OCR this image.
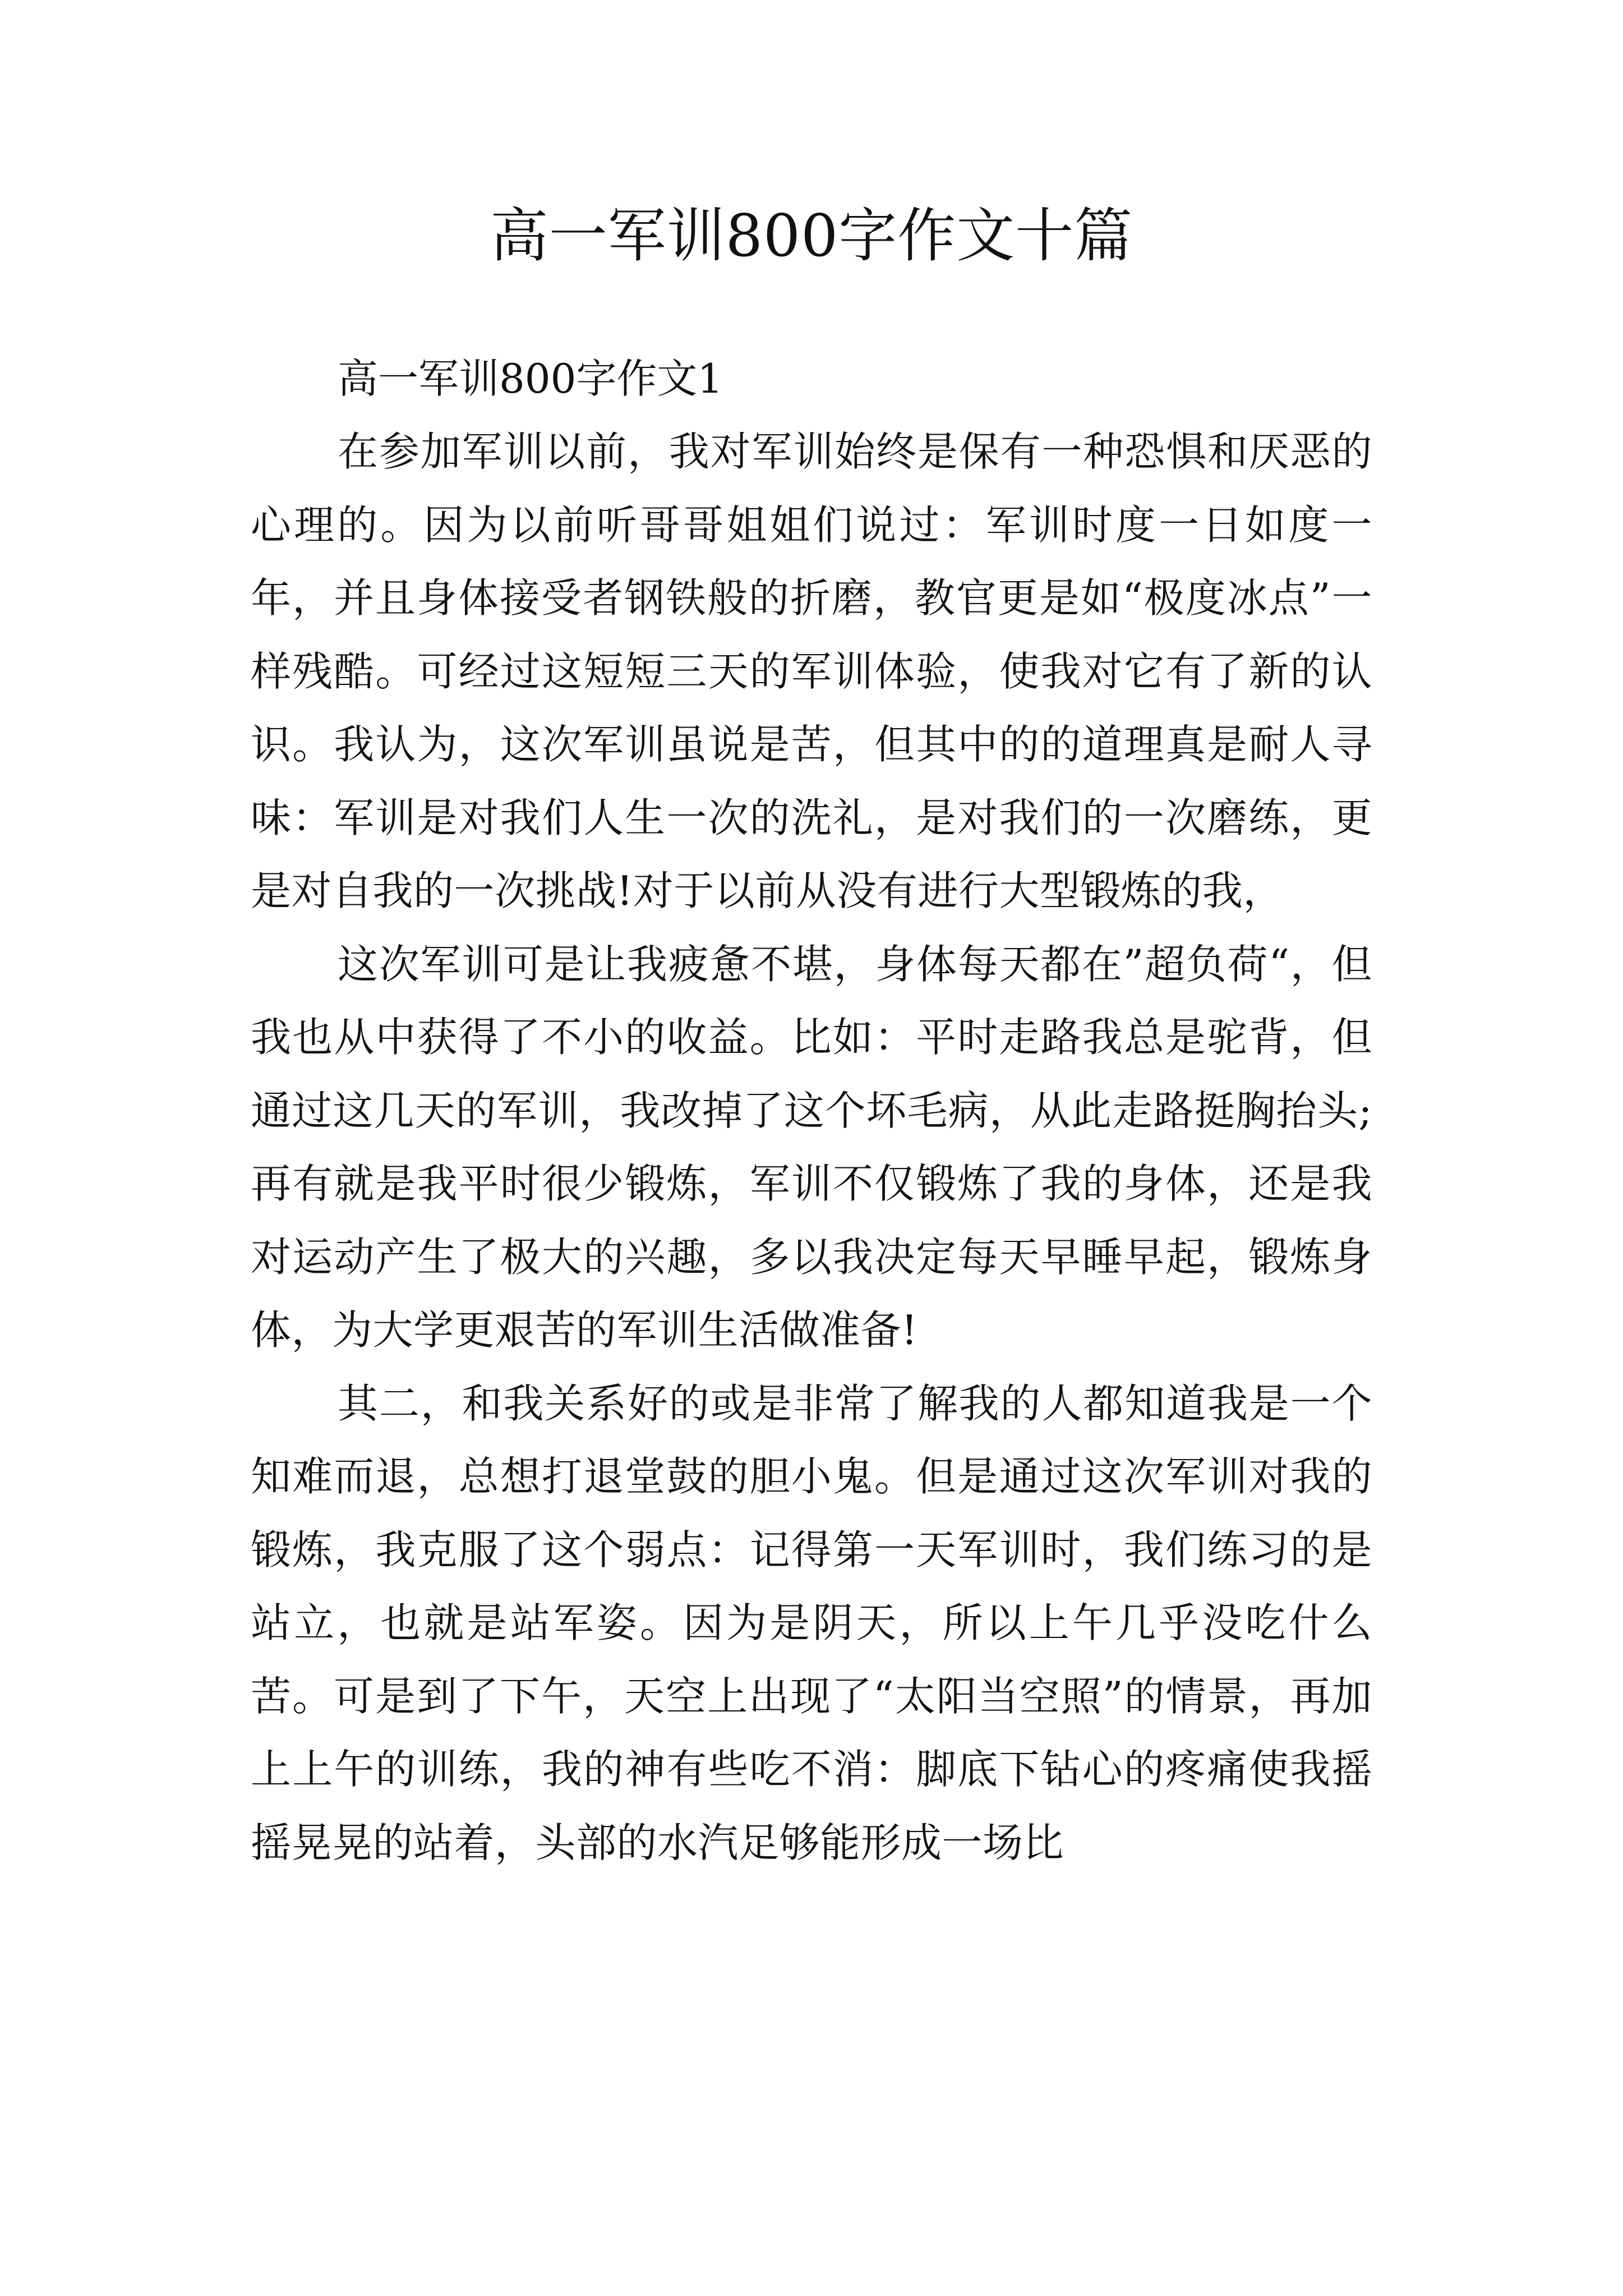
高一军训800字作文十篇
高一军训800字作文1

在参加军训以前，我对军训始终是保有一种恐惧和厌恶的心理的。因为以前听哥哥姐姐们说过：军训时度一日如度一年，并且身体接受者钢铁般的折磨，教官更是如“极度冰点”一样残酷。可经过这短短三天的军训体验，使我对它有了新的认识。我认为，这次军训虽说是苦，但其中的的道理真是耐人寻味：军训是对我们人生一次的洗礼，是对我们的一次磨练，更是对自我的一次挑战!对于以前从没有进行大型锻炼的我，

这次军训可是让我疲惫不堪，身体每天都在”超负荷“，但我也从中获得了不小的收益。比如：平时走路我总是驼背，但通过这几天的军训，我改掉了这个坏毛病，从此走路挺胸抬头;再有就是我平时很少锻炼，军训不仅锻炼了我的身体，还是我对运动产生了极大的兴趣，多以我决定每天早睡早起，锻炼身体，为大学更艰苦的军训生活做准备!

其二，和我关系好的或是非常了解我的人都知道我是一个知难而退，总想打退堂鼓的胆小鬼。但是通过这次军训对我的锻炼，我克服了这个弱点：记得第一天军训时，我们练习的是站立，也就是站军姿。因为是阴天，所以上午几乎没吃什么苦。可是到了下午，天空上出现了“太阳当空照”的情景，再加上上午的训练，我的神有些吃不消：脚底下钻心的疼痛使我摇摇晃晃的站着，头部的水汽足够能形成一场比
